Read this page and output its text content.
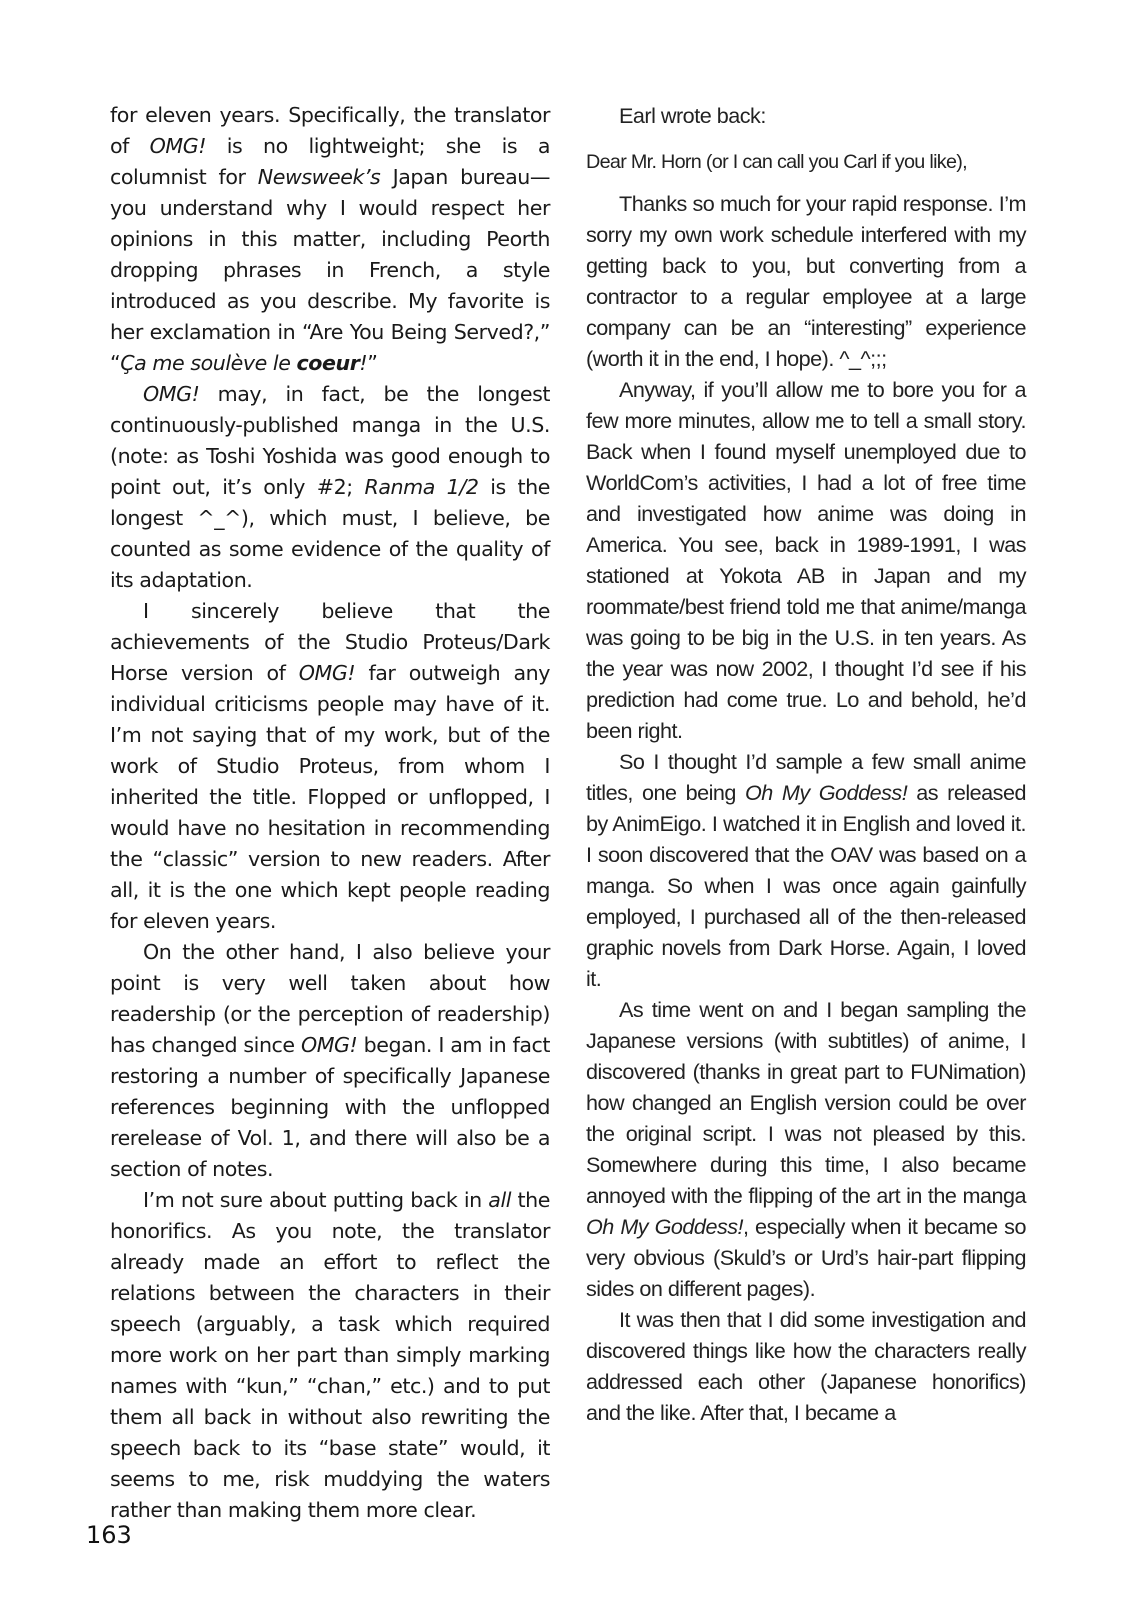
for eleven years. Specifically, the translator of OMG! is no lightweight; she is a columnist for Newsweek’s Japan bureau—you understand why I would respect her opinions in this matter, including Peorth dropping phrases in French, a style introduced as you describe. My favorite is her exclamation in “Are You Being Served?,” “Ça me soulève le coeur!”

OMG! may, in fact, be the longest continuously-published manga in the U.S. (note: as Toshi Yoshida was good enough to point out, it’s only #2; Ranma 1/2 is the longest ^_^), which must, I believe, be counted as some evidence of the quality of its adaptation.

I sincerely believe that the achievements of the Studio Proteus/Dark Horse version of OMG! far outweigh any individual criticisms people may have of it. I’m not saying that of my work, but of the work of Studio Proteus, from whom I inherited the title. Flopped or unflopped, I would have no hesitation in recommending the “classic” version to new readers. After all, it is the one which kept people reading for eleven years.

On the other hand, I also believe your point is very well taken about how readership (or the perception of readership) has changed since OMG! began. I am in fact restoring a number of specifically Japanese references beginning with the unflopped rerelease of Vol. 1, and there will also be a section of notes.

I’m not sure about putting back in all the honorifics. As you note, the translator already made an effort to reflect the relations between the characters in their speech (arguably, a task which required more work on her part than simply marking names with “kun,” “chan,” etc.) and to put them all back in without also rewriting the speech back to its “base state” would, it seems to me, risk muddying the waters rather than making them more clear.

Earl wrote back:

Dear Mr. Horn (or I can call you Carl if you like),

Thanks so much for your rapid response. I’m sorry my own work schedule interfered with my getting back to you, but converting from a contractor to a regular employee at a large company can be an “interesting” experience (worth it in the end, I hope). ^_^;;;

Anyway, if you’ll allow me to bore you for a few more minutes, allow me to tell a small story. Back when I found myself unemployed due to WorldCom’s activities, I had a lot of free time and investigated how anime was doing in America. You see, back in 1989-1991, I was stationed at Yokota AB in Japan and my roommate/best friend told me that anime/manga was going to be big in the U.S. in ten years. As the year was now 2002, I thought I’d see if his prediction had come true. Lo and behold, he’d been right.

So I thought I’d sample a few small anime titles, one being Oh My Goddess! as released by AnimEigo. I watched it in English and loved it. I soon discovered that the OAV was based on a manga. So when I was once again gainfully employed, I purchased all of the then-released graphic novels from Dark Horse. Again, I loved it.

As time went on and I began sampling the Japanese versions (with subtitles) of anime, I discovered (thanks in great part to FUNimation) how changed an English version could be over the original script. I was not pleased by this. Somewhere during this time, I also became annoyed with the flipping of the art in the manga Oh My Goddess!, especially when it became so very obvious (Skuld’s or Urd’s hair-part flipping sides on different pages).

It was then that I did some investigation and discovered things like how the characters really addressed each other (Japanese honorifics) and the like. After that, I became a

163
